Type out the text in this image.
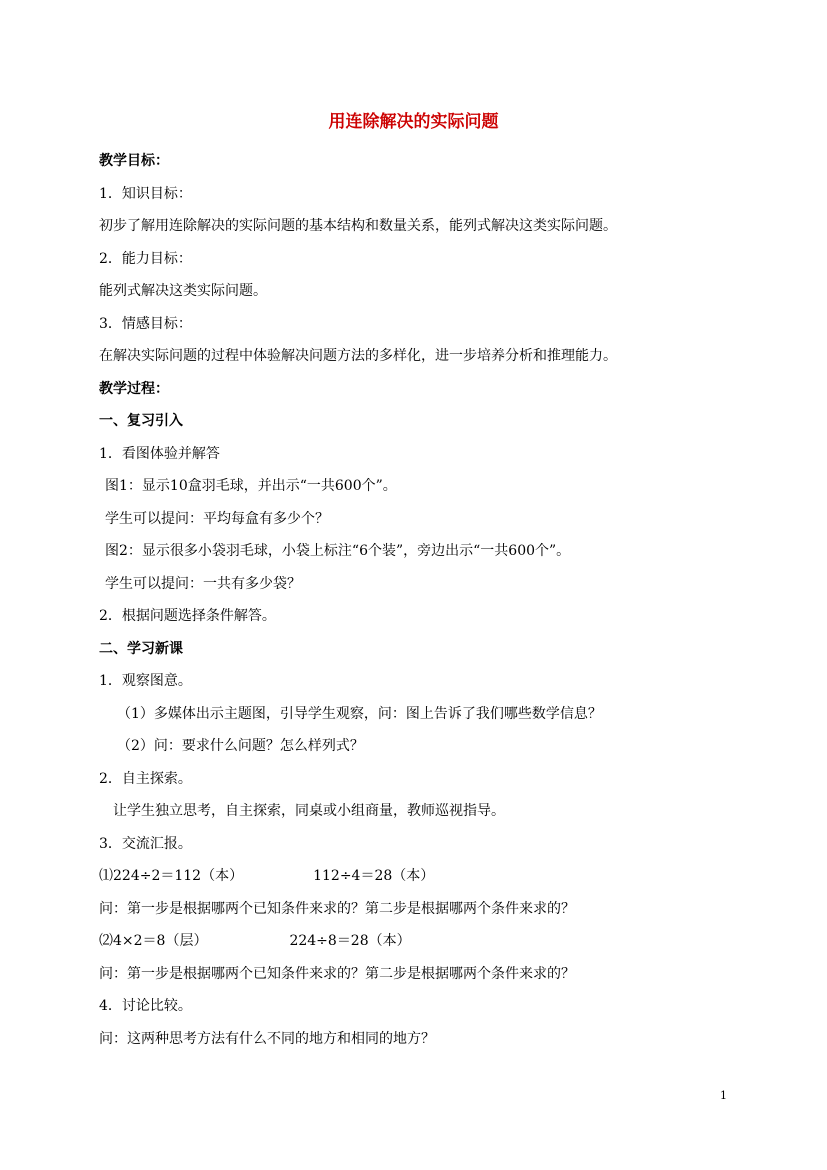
用连除解决的实际问题
教学目标：
1．知识目标：
初步了解用连除解决的实际问题的基本结构和数量关系，能列式解决这类实际问题。
2．能力目标：
能列式解决这类实际问题。
3．情感目标：
在解决实际问题的过程中体验解决问题方法的多样化，进一步培养分析和推理能力。
教学过程：
一、复习引入
1．看图体验并解答
图1：显示10盒羽毛球，并出示“一共600个”。
学生可以提问：平均每盒有多少个？
图2：显示很多小袋羽毛球，小袋上标注“6个装”，旁边出示“一共600个”。
学生可以提问：一共有多少袋？
2．根据问题选择条件解答。
二、学习新课
1．观察图意。
（1）多媒体出示主题图，引导学生观察，问：图上告诉了我们哪些数学信息？
（2）问：要求什么问题？怎么样列式？
2．自主探索。
让学生独立思考，自主探索，同桌或小组商量，教师巡视指导。
3．交流汇报。
⑴224÷2＝112（本）	112÷4＝28（本）
问：第一步是根据哪两个已知条件来求的？第二步是根据哪两个条件来求的？
⑵4×2＝8（层）	224÷8＝28（本）
问：第一步是根据哪两个已知条件来求的？第二步是根据哪两个条件来求的？
4．讨论比较。
问：这两种思考方法有什么不同的地方和相同的地方？
1
